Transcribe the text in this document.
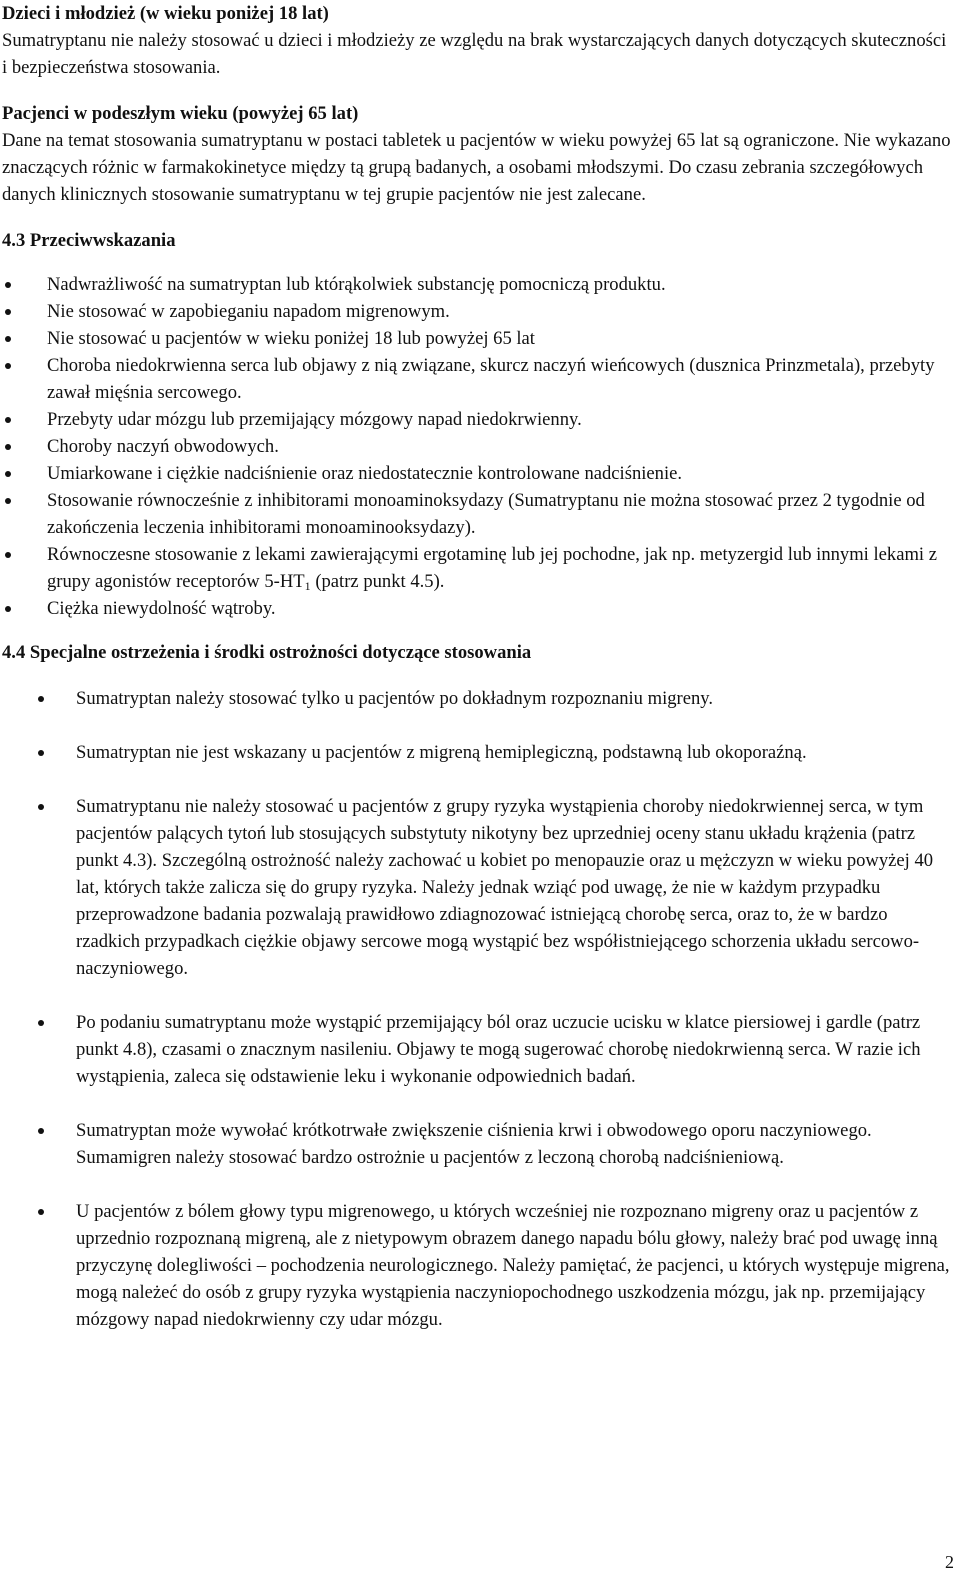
Dzieci i młodzież (w wieku poniżej 18 lat)

Sumatryptanu nie należy stosować u dzieci i młodzieży ze względu na brak wystarczających danych dotyczących skuteczności i bezpieczeństwa stosowania.

Pacjenci w podeszłym wieku (powyżej 65 lat)

Dane na temat stosowania sumatryptanu w postaci tabletek u pacjentów w wieku powyżej 65 lat są ograniczone. Nie wykazano znaczących różnic w farmakokinetyce między tą grupą badanych, a osobami młodszymi. Do czasu zebrania szczegółowych danych klinicznych stosowanie sumatryptanu w tej grupie pacjentów nie jest zalecane.

4.3 Przeciwwskazania

Nadwrażliwość na sumatryptan lub którąkolwiek substancję pomocniczą produktu.
Nie stosować w zapobieganiu napadom migrenowym.
Nie stosować u pacjentów w wieku poniżej 18 lub powyżej 65 lat
Choroba niedokrwienna serca lub objawy z nią związane, skurcz naczyń wieńcowych (dusznica Prinzmetala), przebyty zawał mięśnia sercowego.
Przebyty udar mózgu lub przemijający mózgowy napad niedokrwienny.
Choroby naczyń obwodowych.
Umiarkowane i ciężkie nadciśnienie oraz niedostatecznie kontrolowane nadciśnienie.
Stosowanie równocześnie z inhibitorami monoaminoksydazy (Sumatryptanu nie można stosować przez 2 tygodnie od zakończenia leczenia inhibitorami monoaminooksydazy).
Równoczesne stosowanie z lekami zawierającymi ergotaminę lub jej pochodne, jak np. metyzergid lub innymi lekami z grupy agonistów receptorów $5-HT_1$ (patrz punkt 4.5).
Ciężka niewydolność wątroby.

4.4 Specjalne ostrzeżenia i środki ostrożności dotyczące stosowania

Sumatryptan należy stosować tylko u pacjentów po dokładnym rozpoznaniu migreny.
Sumatryptan nie jest wskazany u pacjentów z migreną hemiplegiczną, podstawną lub okoporaźną.
Sumatryptanu nie należy stosować u pacjentów z grupy ryzyka wystąpienia choroby niedokrwiennej serca, w tym pacjentów palących tytoń lub stosujących substytuty nikotyny bez uprzedniej oceny stanu układu krążenia (patrz punkt 4.3). Szczególną ostrożność należy zachować u kobiet po menopauzie oraz u mężczyzn w wieku powyżej 40 lat, których także zalicza się do grupy ryzyka. Należy jednak wziąć pod uwagę, że nie w każdym przypadku przeprowadzone badania pozwalają prawidłowo zdiagnozować istniejącą chorobę serca, oraz to, że w bardzo rzadkich przypadkach ciężkie objawy sercowe mogą wystąpić bez współistniejącego schorzenia układu sercowo-naczyniowego.
Po podaniu sumatryptanu może wystąpić przemijający ból oraz uczucie ucisku w klatce piersiowej i gardle (patrz punkt 4.8), czasami o znacznym nasileniu. Objawy te mogą sugerować chorobę niedokrwienną serca. W razie ich wystąpienia, zaleca się odstawienie leku i wykonanie odpowiednich badań.
Sumatryptan może wywołać krótkotrwałe zwiększenie ciśnienia krwi i obwodowego oporu naczyniowego. Sumamigren należy stosować bardzo ostrożnie u pacjentów z leczoną chorobą nadciśnieniową.
U pacjentów z bólem głowy typu migrenowego, u których wcześniej nie rozpoznano migreny oraz u pacjentów z uprzednio rozpoznaną migreną, ale z nietypowym obrazem danego napadu bólu głowy, należy brać pod uwagę inną przyczynę dolegliwości – pochodzenia neurologicznego. Należy pamiętać, że pacjenci, u których występuje migrena, mogą należeć do osób z grupy ryzyka wystąpienia naczyniopochodnego uszkodzenia mózgu, jak np. przemijający mózgowy napad niedokrwienny czy udar mózgu.
2
